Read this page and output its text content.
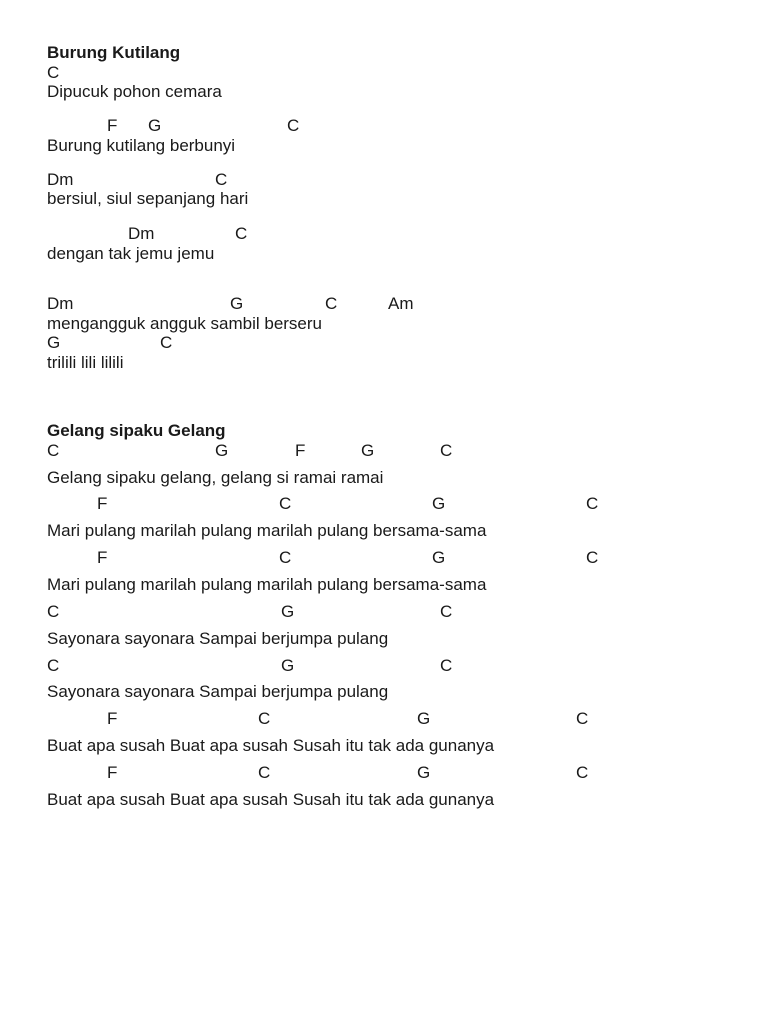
Burung Kutilang
C
Dipucuk pohon cemara
F G	C
Burung kutilang berbunyi
Dm	C
bersiul, siul sepanjang hari
Dm	C
dengan tak jemu jemu
Dm	G	C	Am
mengangguk angguk sambil berseru
G	C
trilili lili lilili
Gelang sipaku Gelang
C	G	F	G	C
Gelang sipaku gelang, gelang si ramai ramai
F	C	G	C
Mari pulang marilah pulang marilah pulang bersama-sama
F	C	G	C
Mari pulang marilah pulang marilah pulang bersama-sama
C	G	C
Sayonara sayonara Sampai berjumpa pulang
C	G	C
Sayonara sayonara Sampai berjumpa pulang
F	C	G	C
Buat apa susah Buat apa susah Susah itu tak ada gunanya
F	C	G	C
Buat apa susah Buat apa susah Susah itu tak ada gunanya
